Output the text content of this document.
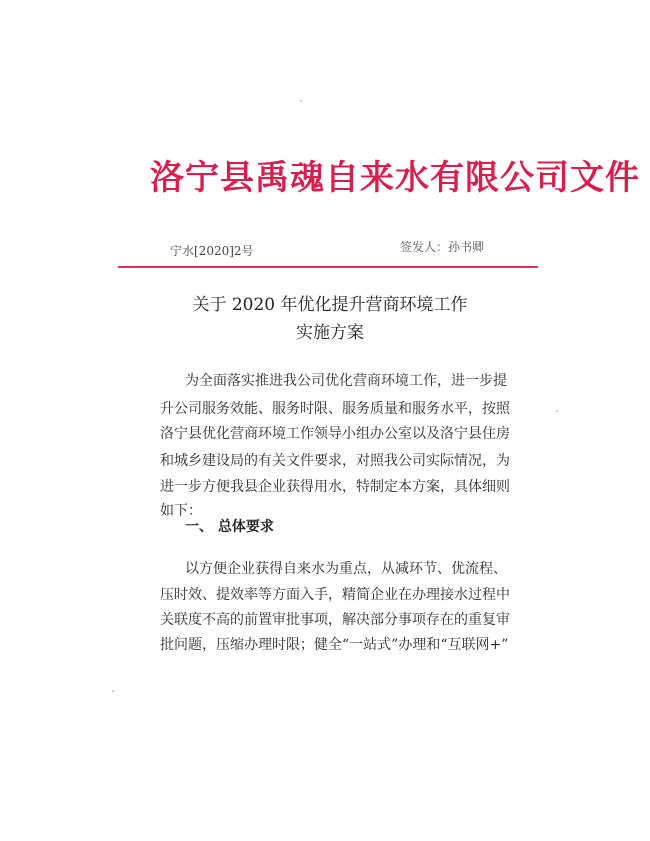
洛宁县禹魂自来水有限公司文件
宁水[2020]2号	签发人：孙书卿
关于 2020 年优化提升营商环境工作
实施方案
为全面落实推进我公司优化营商环境工作，进一步提
升公司服务效能、服务时限、服务质量和服务水平，按照
洛宁县优化营商环境工作领导小组办公室以及洛宁县住房
和城乡建设局的有关文件要求，对照我公司实际情况，为
进一步方便我县企业获得用水，特制定本方案，具体细则
如下：
一、 总体要求
以方便企业获得自来水为重点，从减环节、优流程、
压时效、提效率等方面入手，精简企业在办理接水过程中
关联度不高的前置审批事项，解决部分事项存在的重复审
批问题，压缩办理时限；健全“一站式”办理和“互联网+”
